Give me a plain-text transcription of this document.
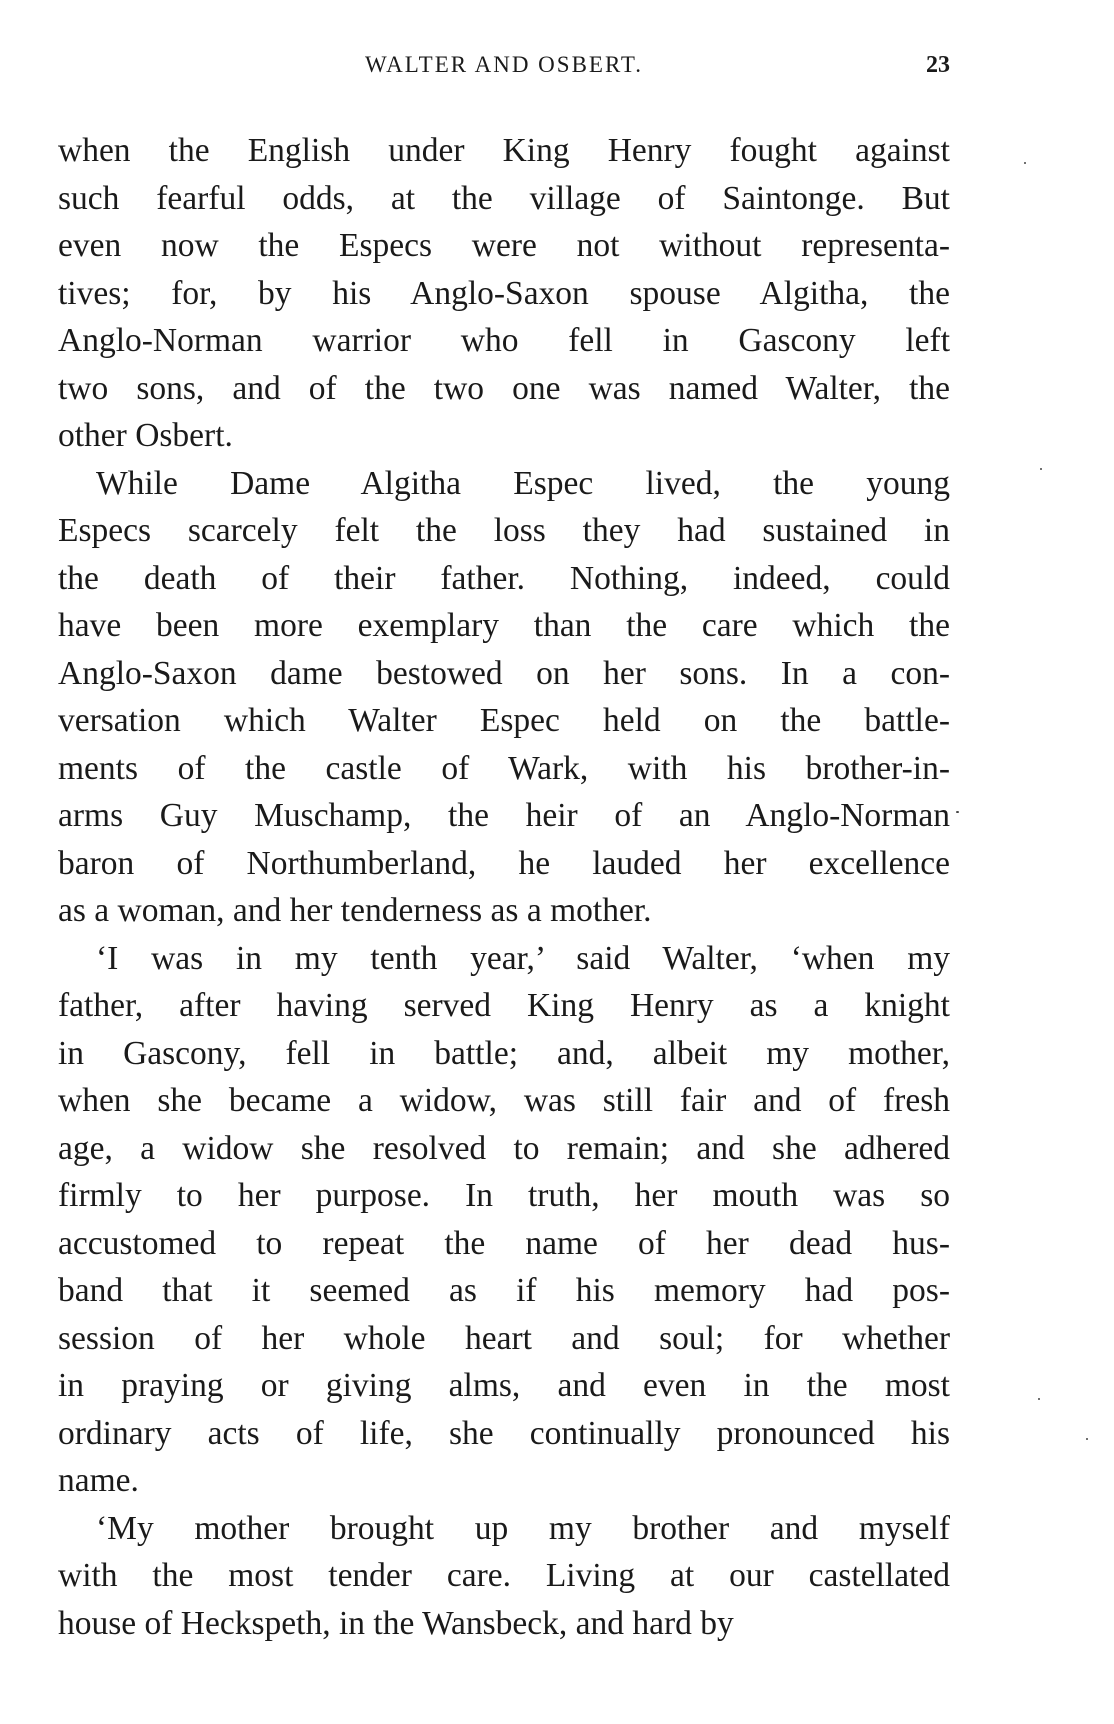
WALTER AND OSBERT.	23
when the English under King Henry fought against
such fearful odds, at the village of Saintonge. But
even now the Especs were not without representa-
tives; for, by his Anglo-Saxon spouse Algitha, the
Anglo-Norman warrior who fell in Gascony left
two sons, and of the two one was named Walter, the
other Osbert.
While Dame Algitha Espec lived, the young
Especs scarcely felt the loss they had sustained in
the death of their father. Nothing, indeed, could
have been more exemplary than the care which the
Anglo-Saxon dame bestowed on her sons. In a con-
versation which Walter Espec held on the battle-
ments of the castle of Wark, with his brother-in-
arms Guy Muschamp, the heir of an Anglo-Norman
baron of Northumberland, he lauded her excellence
as a woman, and her tenderness as a mother.
‘I was in my tenth year,’ said Walter, ‘when my
father, after having served King Henry as a knight
in Gascony, fell in battle; and, albeit my mother,
when she became a widow, was still fair and of fresh
age, a widow she resolved to remain; and she adhered
firmly to her purpose. In truth, her mouth was so
accustomed to repeat the name of her dead hus-
band that it seemed as if his memory had pos-
session of her whole heart and soul; for whether
in praying or giving alms, and even in the most
ordinary acts of life, she continually pronounced his
name.
‘My mother brought up my brother and myself
with the most tender care. Living at our castellated
house of Heckspeth, in the Wansbeck, and hard by
